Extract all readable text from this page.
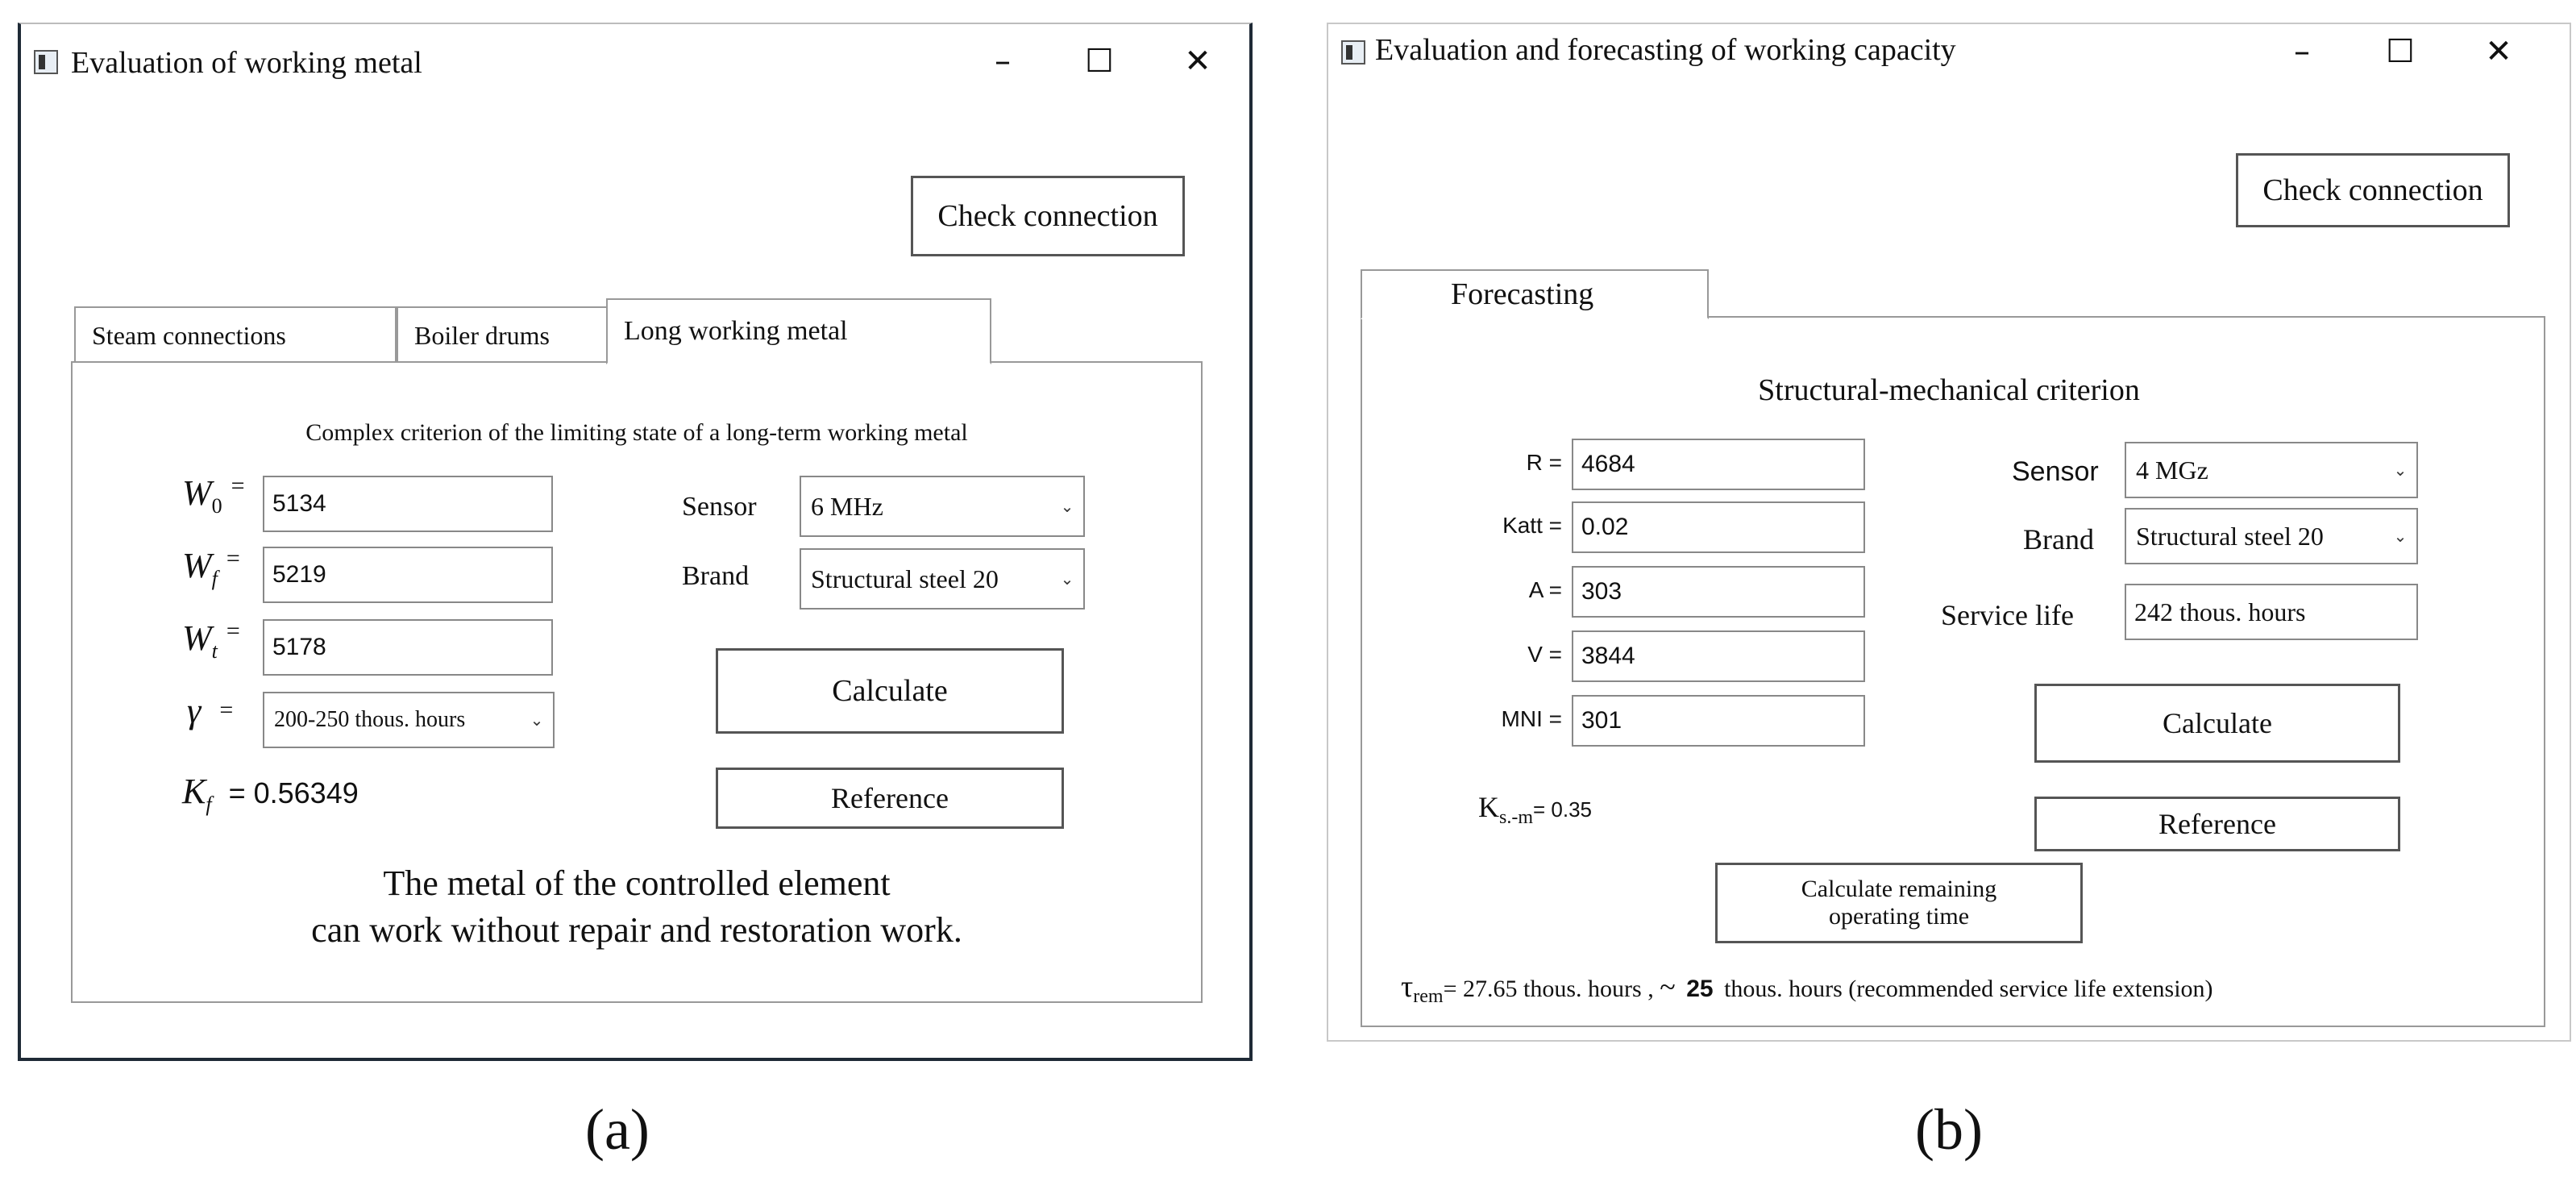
Evaluation of working metal	–	☐	✕
Check connection
Steam connections	Boiler drums	Long working metal
Complex criterion of the limiting state of a long-term working metal
$W_0$ =
5134
$W_f$ =
5219
$W_t$ =
5178
γ = 200-250 thous. hours	⌄
$K_f = 0.56349$
Sensor 6 MHz	⌄
Brand Structural steel 20	⌄
Calculate
Reference
The metal of the controlled element
can work without repair and restoration work.
Evaluation and forecasting of working capacity	–	☐	✕
Check connection
Forecasting
Structural-mechanical criterion
R = 4684
Katt = 0.02
A = 303
V = 3844
MNI = 301
$K_{s.-m}= 0.35$
Sensor 4 MGz	⌄
Brand Structural steel 20	⌄
Service life	242 thous. hours
Calculate
Reference
Calculate remaining
operating time
$\tau_{rem}= 27.65$ thous. hours , ~ 25 thous. hours (recommended service life extension)
(a)	(b)
